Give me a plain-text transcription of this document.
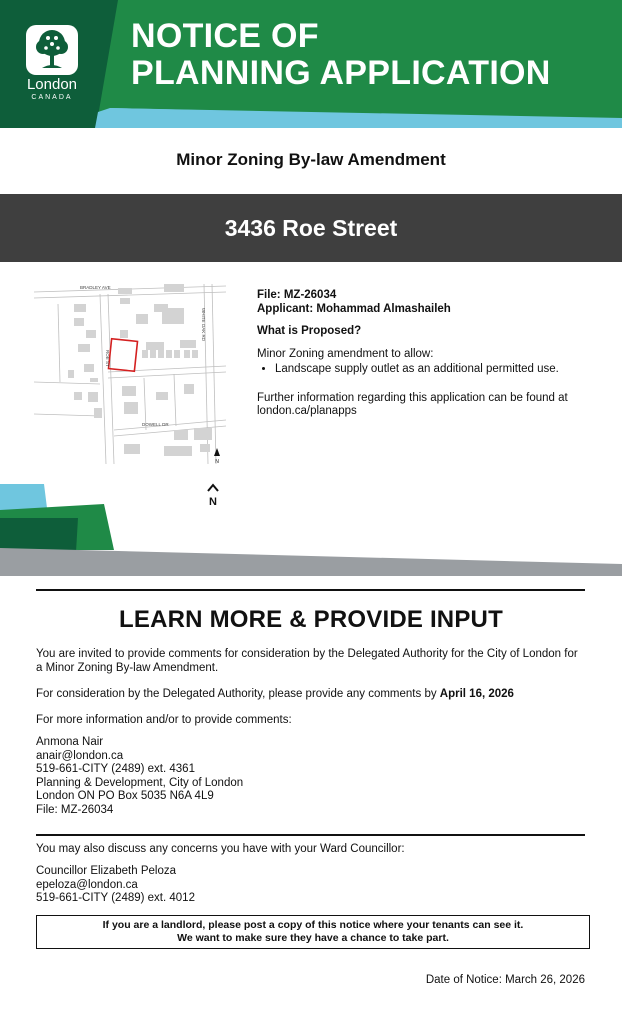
London
CANADA
NOTICE OF
PLANNING APPLICATION
Minor Zoning By-law Amendment

3436 Roe Street

BRADLEY AVE
WHITE OAK RD
ROE ST
DOWELL DR
N
N

File: MZ-26034

Applicant: Mohammad Almashaileh

What is Proposed?

Minor Zoning amendment to allow:

• Landscape supply outlet as an additional permitted use.

Further information regarding this application can be found at london.ca/planapps

LEARN MORE & PROVIDE INPUT

You are invited to provide comments for consideration by the Delegated Authority for the City of London for a Minor Zoning By-law Amendment.

For consideration by the Delegated Authority, please provide any comments by April 16, 2026

For more information and/or to provide comments:

Anmona Nair

anair@london.ca

519-661-CITY (2489) ext. 4361

Planning & Development, City of London

London ON PO Box 5035 N6A 4L9

File: MZ-26034

You may also discuss any concerns you have with your Ward Councillor:

Councillor Elizabeth Peloza

epeloza@london.ca

519-661-CITY (2489) ext. 4012

If you are a landlord, please post a copy of this notice where your tenants can see it.
We want to make sure they have a chance to take part.
Date of Notice: March 26, 2026
